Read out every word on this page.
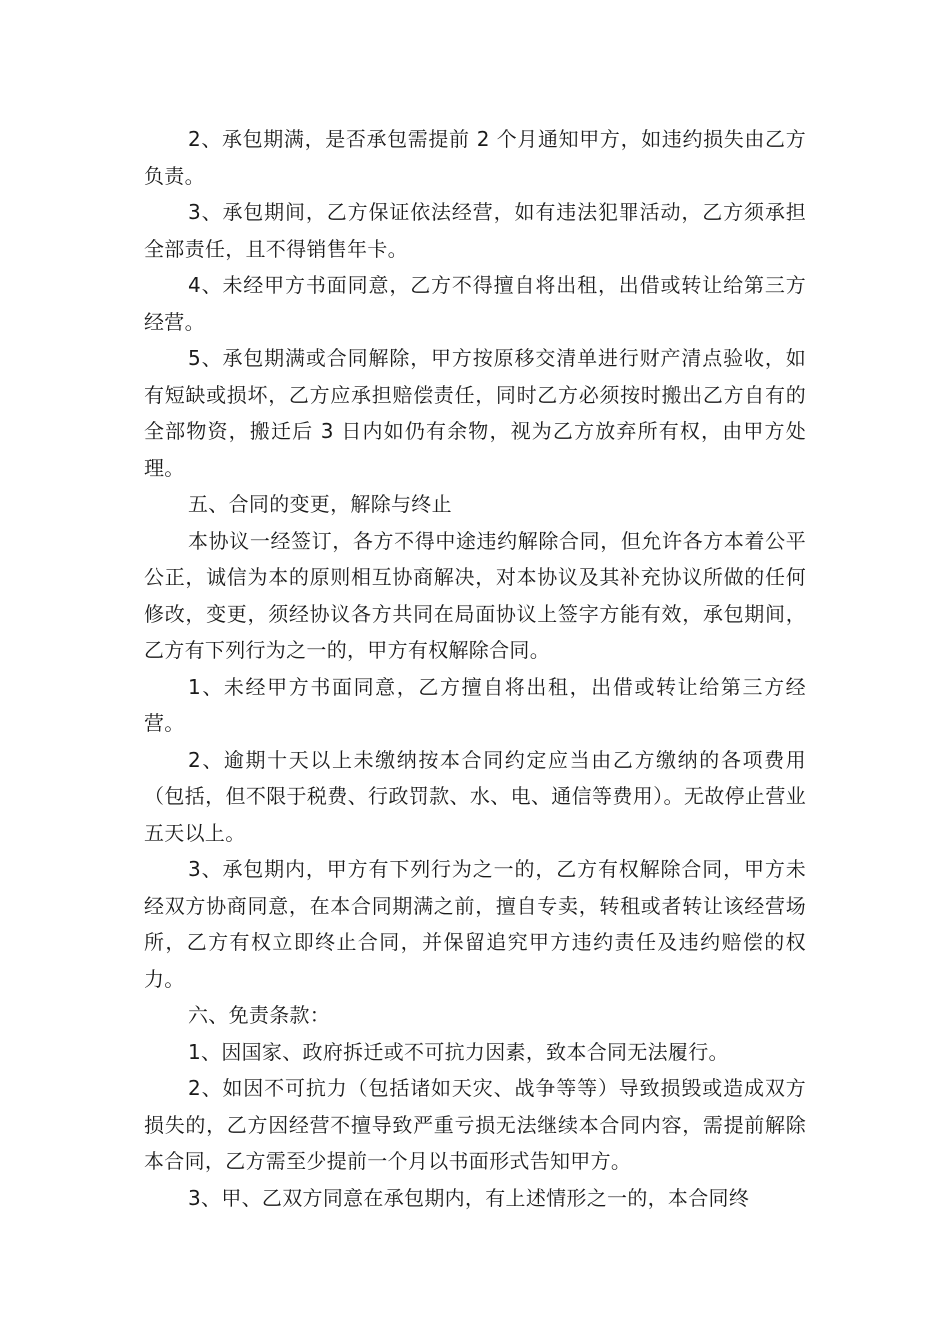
2、承包期满，是否承包需提前 2 个月通知甲方，如违约损失由乙方负责。

3、承包期间，乙方保证依法经营，如有违法犯罪活动，乙方须承担全部责任，且不得销售年卡。

4、未经甲方书面同意，乙方不得擅自将出租，出借或转让给第三方经营。

5、承包期满或合同解除，甲方按原移交清单进行财产清点验收，如有短缺或损坏，乙方应承担赔偿责任，同时乙方必须按时搬出乙方自有的全部物资，搬迁后 3 日内如仍有余物，视为乙方放弃所有权，由甲方处理。

五、合同的变更，解除与终止

本协议一经签订，各方不得中途违约解除合同，但允许各方本着公平公正，诚信为本的原则相互协商解决，对本协议及其补充协议所做的任何修改，变更，须经协议各方共同在局面协议上签字方能有效，承包期间，乙方有下列行为之一的，甲方有权解除合同。

1、未经甲方书面同意，乙方擅自将出租，出借或转让给第三方经营。

2、逾期十天以上未缴纳按本合同约定应当由乙方缴纳的各项费用（包括，但不限于税费、行政罚款、水、电、通信等费用）。无故停止营业五天以上。

3、承包期内，甲方有下列行为之一的，乙方有权解除合同，甲方未经双方协商同意，在本合同期满之前，擅自专卖，转租或者转让该经营场所，乙方有权立即终止合同，并保留追究甲方违约责任及违约赔偿的权力。

六、免责条款：

1、因国家、政府拆迁或不可抗力因素，致本合同无法履行。

2、如因不可抗力（包括诸如天灾、战争等等）导致损毁或造成双方损失的，乙方因经营不擅导致严重亏损无法继续本合同内容，需提前解除本合同，乙方需至少提前一个月以书面形式告知甲方。

3、甲、乙双方同意在承包期内，有上述情形之一的，本合同终
